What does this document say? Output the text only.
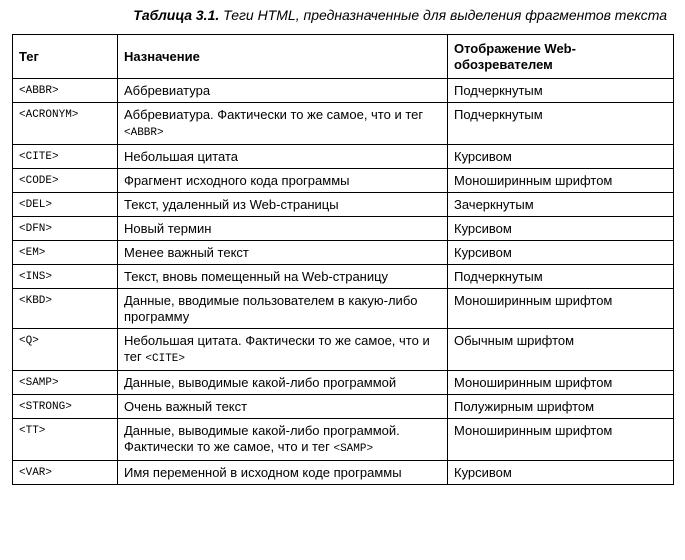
Таблица 3.1. Теги HTML, предназначенные для выделения фрагментов текста
Тег	Назначение	Отображение Web-обозревателем
<ABBR>	Аббревиатура	Подчеркнутым
<ACRONYM>	Аббревиатура. Фактически то же самое, что и тег <ABBR>	Подчеркнутым
<CITE>	Небольшая цитата	Курсивом
<CODE>	Фрагмент исходного кода программы	Моноширинным шрифтом
<DEL>	Текст, удаленный из Web-страницы	Зачеркнутым
<DFN>	Новый термин	Курсивом
<EM>	Менее важный текст	Курсивом
<INS>	Текст, вновь помещенный на Web-страницу	Подчеркнутым
<KBD>	Данные, вводимые пользователем в какую-либо программу	Моноширинным шрифтом
<Q>	Небольшая цитата. Фактически то же самое, что и тег <CITE>	Обычным шрифтом
<SAMP>	Данные, выводимые какой-либо программой	Моноширинным шрифтом
<STRONG>	Очень важный текст	Полужирным шрифтом
<TT>	Данные, выводимые какой-либо программой. Фактически то же самое, что и тег <SAMP>	Моноширинным шрифтом
<VAR>	Имя переменной в исходном коде программы	Курсивом
